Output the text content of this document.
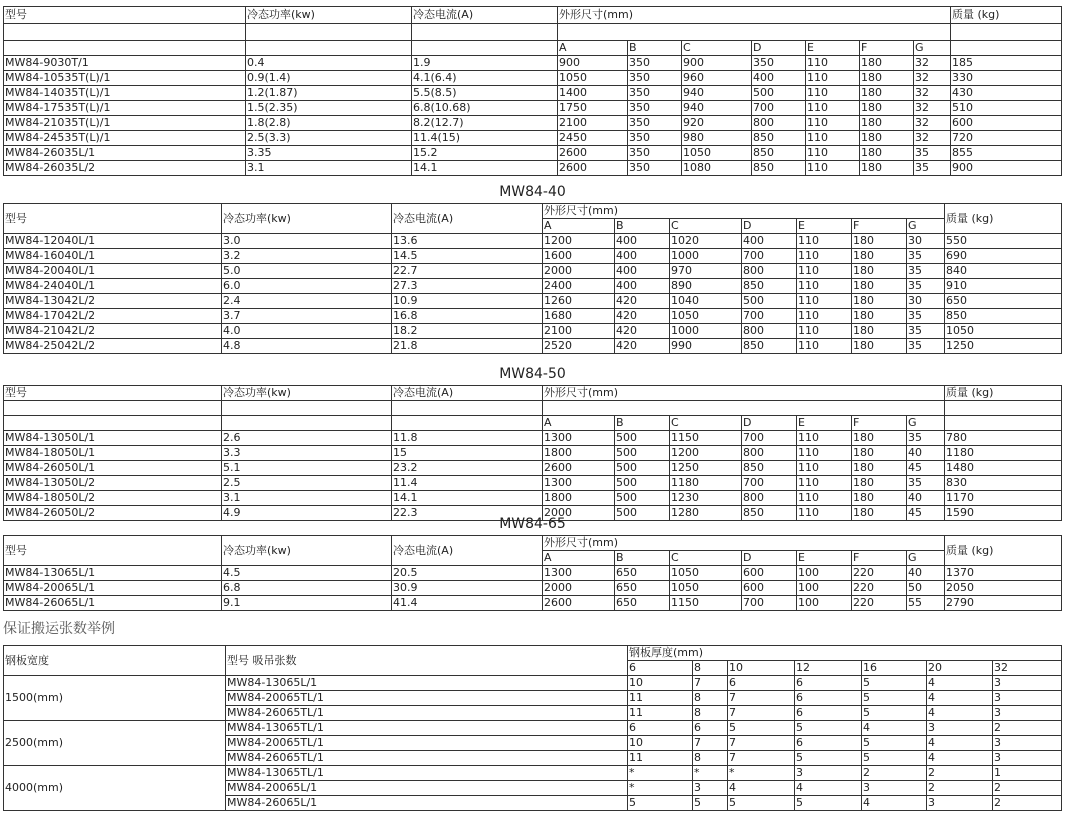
型号	冷态功率(kw)	冷态电流(A)	外形尺寸(mm)							质量 (kg)

			A	B	C	D	E	F	G	
MW84-9030T/1	0.4	1.9	900	350	900	350	110	180	32	185
MW84-10535T(L)/1	0.9(1.4)	4.1(6.4)	1050	350	960	400	110	180	32	330
MW84-14035T(L)/1	1.2(1.87)	5.5(8.5)	1400	350	940	500	110	180	32	430
MW84-17535T(L)/1	1.5(2.35)	6.8(10.68)	1750	350	940	700	110	180	32	510
MW84-21035T(L)/1	1.8(2.8)	8.2(12.7)	2100	350	920	800	110	180	32	600
MW84-24535T(L)/1	2.5(3.3)	11.4(15)	2450	350	980	850	110	180	32	720
MW84-26035L/1	3.35	15.2	2600	350	1050	850	110	180	35	855
MW84-26035L/2	3.1	14.1	2600	350	1080	850	110	180	35	900
MW84-40
型号	冷态功率(kw)	冷态电流(A)	外形尺寸(mm)							质量 (kg)
			A	B	C	D	E	F	G	
MW84-12040L/1	3.0	13.6	1200	400	1020	400	110	180	30	550
MW84-16040L/1	3.2	14.5	1600	400	1000	700	110	180	35	690
MW84-20040L/1	5.0	22.7	2000	400	970	800	110	180	35	840
MW84-24040L/1	6.0	27.3	2400	400	890	850	110	180	35	910
MW84-13042L/2	2.4	10.9	1260	420	1040	500	110	180	30	650
MW84-17042L/2	3.7	16.8	1680	420	1050	700	110	180	35	850
MW84-21042L/2	4.0	18.2	2100	420	1000	800	110	180	35	1050
MW84-25042L/2	4.8	21.8	2520	420	990	850	110	180	35	1250
MW84-50
型号	冷态功率(kw)	冷态电流(A)	外形尺寸(mm)							质量 (kg)

			A	B	C	D	E	F	G	
MW84-13050L/1	2.6	11.8	1300	500	1150	700	110	180	35	780
MW84-18050L/1	3.3	15	1800	500	1200	800	110	180	40	1180
MW84-26050L/1	5.1	23.2	2600	500	1250	850	110	180	45	1480
MW84-13050L/2	2.5	11.4	1300	500	1180	700	110	180	35	830
MW84-18050L/2	3.1	14.1	1800	500	1230	800	110	180	40	1170
MW84-26050L/2	4.9	22.3	2000	500	1280	850	110	180	45	1590
MW84-65
型号	冷态功率(kw)	冷态电流(A)	外形尺寸(mm)							质量 (kg)
			A	B	C	D	E	F	G	
MW84-13065L/1	4.5	20.5	1300	650	1050	600	100	220	40	1370
MW84-20065L/1	6.8	30.9	2000	650	1050	600	100	220	50	2050
MW84-26065L/1	9.1	41.4	2600	650	1150	700	100	220	55	2790
保证搬运张数举例
钢板宽度	型号 吸吊张数	钢板厚度(mm)						
		6	8	10	12	16	20	32
1500(mm)	MW84-13065L/1	10	7	6	6	5	4	3
	MW84-20065TL/1	11	8	7	6	5	4	3
	MW84-26065TL/1	11	8	7	6	5	4	3
2500(mm)	MW84-13065TL/1	6	6	5	5	4	3	2
	MW84-20065TL/1	10	7	7	6	5	4	3
	MW84-26065TL/1	11	8	7	5	5	4	3
4000(mm)	MW84-13065TL/1	*	*	*	3	2	2	1
	MW84-20065L/1	*	3	4	4	3	2	2
	MW84-26065L/1	5	5	5	5	4	3	2
